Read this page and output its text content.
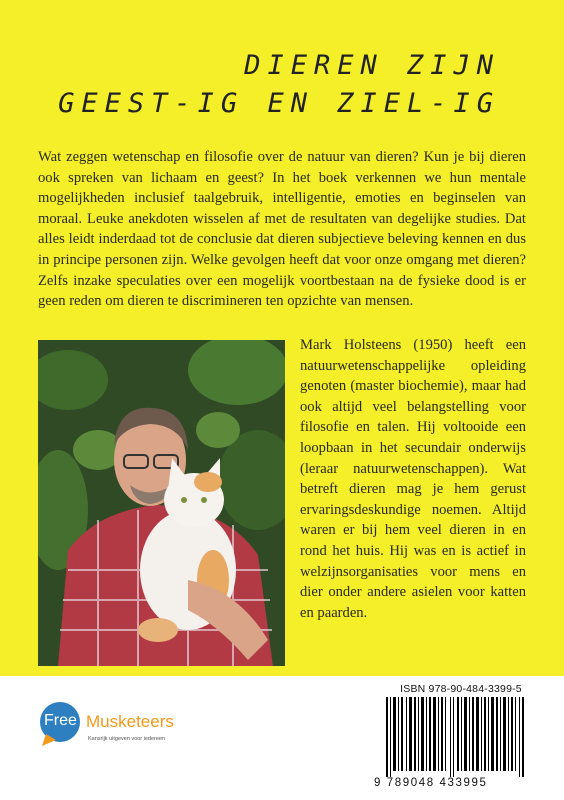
DIEREN ZIJN
GEEST-IG EN ZIEL-IG
Wat zeggen wetenschap en filosofie over de natuur van dieren? Kun je bij dieren ook spreken van lichaam en geest? In het boek verkennen we hun mentale mogelijkheden inclusief taalgebruik, intelligentie, emoties en beginselen van moraal. Leuke anekdoten wisselen af met de resultaten van degelijke studies. Dat alles leidt inderdaad tot de conclusie dat dieren subjectieve beleving kennen en dus in principe personen zijn. Welke gevolgen heeft dat voor onze omgang met dieren? Zelfs inzake speculaties over een mogelijk voortbestaan na de fysieke dood is er geen reden om dieren te discrimineren ten opzichte van mensen.
Mark Holsteens (1950) heeft een natuurwetenschappelijke opleiding genoten (master biochemie), maar had ook altijd veel belangstelling voor filosofie en talen. Hij voltooide een loopbaan in het secundair onderwijs (leraar natuurwetenschappen). Wat betreft dieren mag je hem gerust ervaringsdeskundige noemen. Altijd waren er bij hem veel dieren in en rond het huis. Hij was en is actief in welzijnsorganisaties voor mens en dier onder andere asielen voor katten en paarden.
Free Musketeers
Kansrijk uitgeven voor iedereen
ISBN 978-90-484-3399-5
9 789048 433995
